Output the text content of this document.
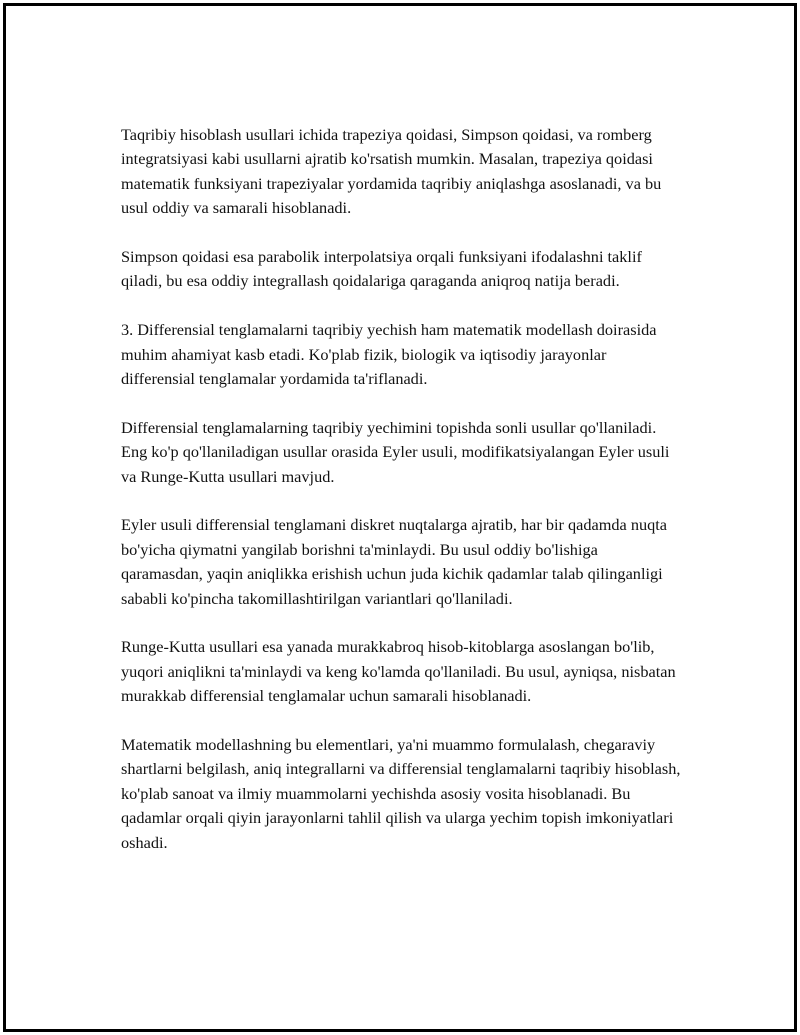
Taqribiy hisoblash usullari ichida trapeziya qoidasi, Simpson qoidasi, va romberg integratsiyasi kabi usullarni ajratib ko'rsatish mumkin. Masalan, trapeziya qoidasi matematik funksiyani trapeziyalar yordamida taqribiy aniqlashga asoslanadi, va bu usul oddiy va samarali hisoblanadi.

Simpson qoidasi esa parabolik interpolatsiya orqali funksiyani ifodalashni taklif qiladi, bu esa oddiy integrallash qoidalariga qaraganda aniqroq natija beradi.

3. Differensial tenglamalarni taqribiy yechish ham matematik modellash doirasida muhim ahamiyat kasb etadi. Ko'plab fizik, biologik va iqtisodiy jarayonlar differensial tenglamalar yordamida ta'riflanadi.

Differensial tenglamalarning taqribiy yechimini topishda sonli usullar qo'llaniladi. Eng ko'p qo'llaniladigan usullar orasida Eyler usuli, modifikatsiyalangan Eyler usuli va Runge-Kutta usullari mavjud.

Eyler usuli differensial tenglamani diskret nuqtalarga ajratib, har bir qadamda nuqta bo'yicha qiymatni yangilab borishni ta'minlaydi. Bu usul oddiy bo'lishiga qaramasdan, yaqin aniqlikka erishish uchun juda kichik qadamlar talab qilinganligi sababli ko'pincha takomillashtirilgan variantlari qo'llaniladi.

Runge-Kutta usullari esa yanada murakkabroq hisob-kitoblarga asoslangan bo'lib, yuqori aniqlikni ta'minlaydi va keng ko'lamda qo'llaniladi. Bu usul, ayniqsa, nisbatan murakkab differensial tenglamalar uchun samarali hisoblanadi.

Matematik modellashning bu elementlari, ya'ni muammo formulalash, chegaraviy shartlarni belgilash, aniq integrallarni va differensial tenglamalarni taqribiy hisoblash, ko'plab sanoat va ilmiy muammolarni yechishda asosiy vosita hisoblanadi. Bu qadamlar orqali qiyin jarayonlarni tahlil qilish va ularga yechim topish imkoniyatlari oshadi.
